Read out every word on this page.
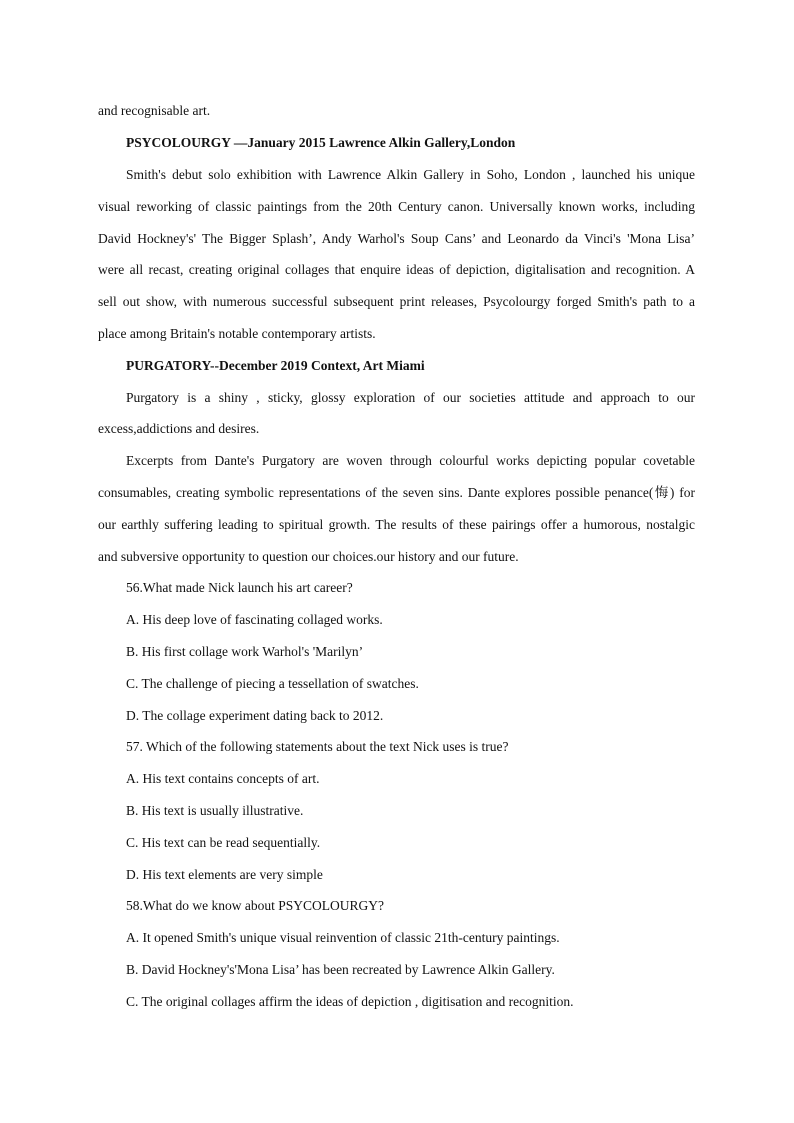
and recognisable art.
PSYCOLOURGY —January 2015 Lawrence Alkin Gallery,London
Smith's debut solo exhibition with Lawrence Alkin Gallery in Soho, London , launched his unique
visual reworking of classic paintings from the 20th Century canon. Universally known works, including
David Hockney's' The Bigger Splash’, Andy Warhol's Soup Cans’ and Leonardo da Vinci's 'Mona Lisa’
were all recast, creating original collages that enquire ideas of depiction, digitalisation and recognition. A
sell out show, with numerous successful subsequent print releases, Psycolourgy forged Smith's path to a
place among Britain's notable contemporary artists.
PURGATORY--December 2019 Context, Art Miami
Purgatory is a shiny , sticky, glossy exploration of our societies attitude and approach to our
excess,addictions and desires.
Excerpts from Dante's Purgatory are woven through colourful works depicting popular covetable
consumables, creating symbolic representations of the seven sins. Dante explores possible penance(悔) for
our earthly suffering leading to spiritual growth. The results of these pairings offer a humorous, nostalgic
and subversive opportunity to question our choices.our history and our future.
56.What made Nick launch his art career?
A. His deep love of fascinating collaged works.
B. His first collage work Warhol's 'Marilyn’
C. The challenge of piecing a tessellation of swatches.
D. The collage experiment dating back to 2012.
57. Which of the following statements about the text Nick uses is true?
A. His text contains concepts of art.
B. His text is usually illustrative.
C. His text can be read sequentially.
D. His text elements are very simple
58.What do we know about PSYCOLOURGY?
A. It opened Smith's unique visual reinvention of classic 21th-century paintings.
B. David Hockney's'Mona Lisa’ has been recreated by Lawrence Alkin Gallery.
C. The original collages affirm the ideas of depiction , digitisation and recognition.
